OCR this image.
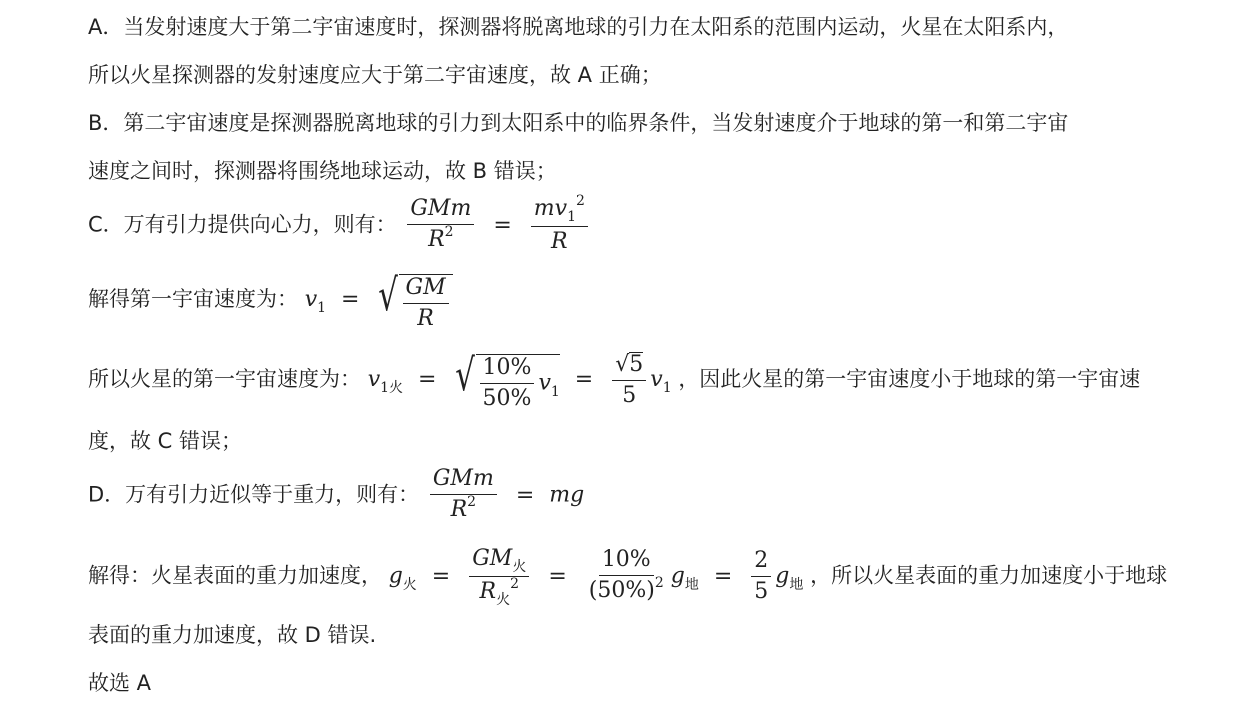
A．当发射速度大于第二宇宙速度时，探测器将脱离地球的引力在太阳系的范围内运动，火星在太阳系内，
所以火星探测器的发射速度应大于第二宇宙速度，故 A 正确；
B．第二宇宙速度是探测器脱离地球的引力到太阳系中的临界条件，当发射速度介于地球的第一和第二宇宙
速度之间时，探测器将围绕地球运动，故 B 错误；
C．万有引力提供向心力，则有： $\frac{\text{GMm}}{R^2} = \frac{mv_1^2}{R}$
解得第一宇宙速度为： $v_1$ = √ $\frac{GM}{R}$
所以火星的第一宇宙速度为： $v_{1火}$ = √ $\frac{10\%}{50\%} v_1 = \frac{√ 5}{5} v_1$ ，因此火星的第一宇宙速度小于地球的第一宇宙速
度，故 C 错误；
D．万有引力近似等于重力，则有： $\frac{\text{GMm}}{R^2}$ = mg
解得：火星表面的重力加速度， $g_火 = \frac{GM_火}{R_火^2} = \frac{10\%}{(50\%)^2} g_地 = \frac{2}{5} g_地$ ，所以火星表面的重力加速度小于地球
表面的重力加速度，故 D 错误.
故选 A
